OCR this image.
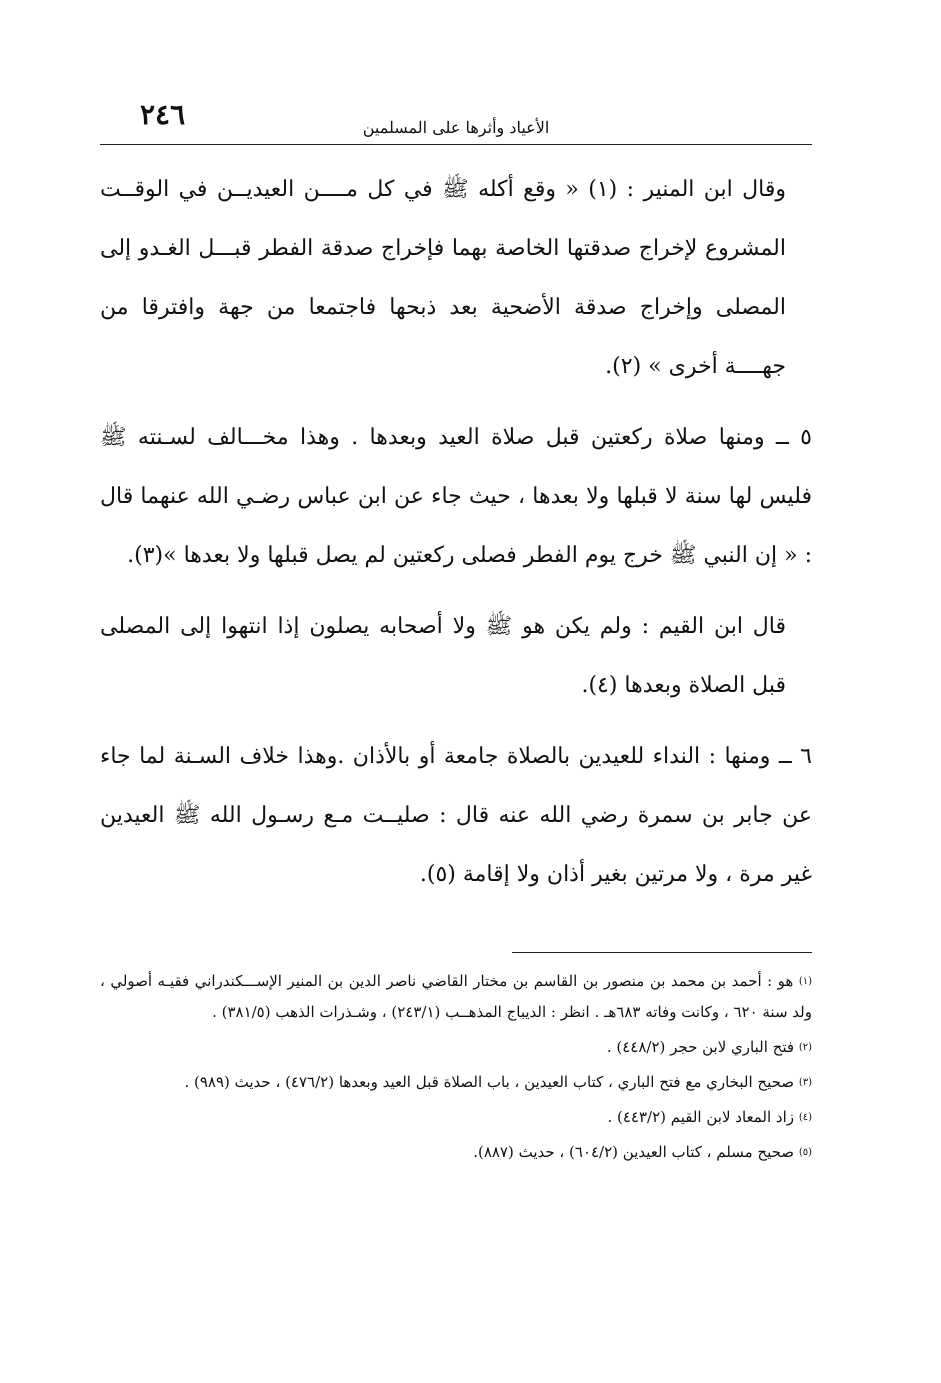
٢٤٦	الأعياد وأثرها على المسلمين

وقال ابن المنير : (١) « وقع أكله ﷺ في كل مــــن العيديــن في الوقــت المشروع لإخراج صدقتها الخاصة بهما فإخراج صدقة الفطر قبـــل الغـدو إلى المصلى وإخراج صدقة الأضحية بعد ذبحها فاجتمعا من جهة وافترقا من جهــــة أخرى » (٢).

٥ ــ ومنها صلاة ركعتين قبل صلاة العيد وبعدها . وهذا مخـــالف لسـنته ﷺ فليس لها سنة لا قبلها ولا بعدها ، حيث جاء عن ابن عباس رضـي الله عنهما قال : « إن النبي ﷺ خرج يوم الفطر فصلى ركعتين لم يصل قبلها ولا بعدها »(٣).

قال ابن القيم : ولم يكن هو ﷺ ولا أصحابه يصلون إذا انتهوا إلى المصلى قبل الصلاة وبعدها (٤).

٦ ــ ومنها : النداء للعيدين بالصلاة جامعة أو بالأذان .وهذا خلاف السـنة لما جاء عن جابر بن سمرة رضي الله عنه قال : صليــت مـع رسـول الله ﷺ العيدين غير مرة ، ولا مرتين بغير أذان ولا إقامة (٥).

$^{(١)}$ هو : أحمد بن محمد بن منصور بن القاسم بن مختار القاضي ناصر الدين بن المنير الإســـكندراني فقيـه أصولي ، ولد سنة ٦٢٠ ، وكانت وفاته ٦٨٣هـ . انظر : الديباج المذهــب (٢٤٣/١) ، وشـذرات الذهب (٣٨١/٥) .

$^{(٢)}$ فتح الباري لابن حجر (٤٤٨/٢) .

$^{(٣)}$ صحيح البخاري مع فتح الباري ، كتاب العيدين ، باب الصلاة قبل العيد وبعدها (٤٧٦/٢) ، حديث (٩٨٩) .

$^{(٤)}$ زاد المعاد لابن القيم (٤٤٣/٢) .

$^{(٥)}$ صحيح مسلم ، كتاب العيدين (٦٠٤/٢) ، حديث (٨٨٧).
